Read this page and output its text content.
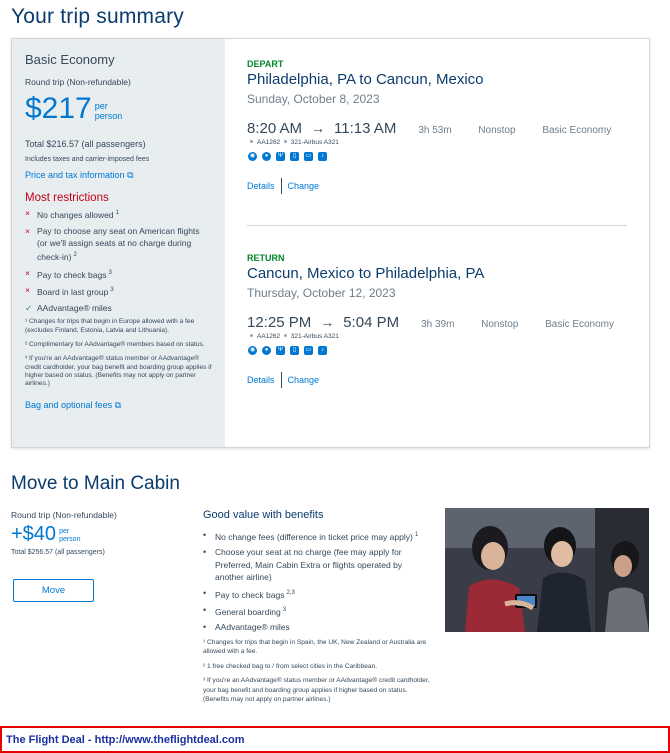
Your trip summary
Basic Economy
Round trip (Non-refundable)
$217 per
person
Total $216.57 (all passengers)
Includes taxes and carrier-imposed fees
Price and tax information ⧉
Most restrictions
× No changes allowed $^1$
× Pay to choose any seat on American flights (or we'll assign seats at no charge during check-in) $^2$
× Pay to check bags $^3$
× Board in last group $^3$
✓ AAdvantage® miles
¹ Changes for trips that begin in Europe allowed with a fee (excludes Finland, Estonia, Latvia and Lithuania).
² Complimentary for AAdvantage® members based on status.
³ If you're an AAdvantage® status member or AAdvantage® credit cardholder, your bag benefit and boarding group applies if higher based on status. (Benefits may not apply on partner airlines.)
Bag and optional fees ⧉
DEPART
Philadelphia, PA to Cancun, Mexico
Sunday, October 8, 2023
8:20 AM → 11:13 AM 3h 53m	Nonstop	Basic Economy
AA1262 321-Airbus A321
◉	●	Ψ	▯	▭	♪
Details Change
RETURN
Cancun, Mexico to Philadelphia, PA
Thursday, October 12, 2023
12:25 PM → 5:04 PM 3h 39m	Nonstop	Basic Economy
AA1262 321-Airbus A321
◉	●	Ψ	▯	▭	♪
Details Change
Move to Main Cabin
Round trip (Non-refundable)
+$40 per
person
Total $256.57 (all passengers)
Move
Good value with benefits
•	No change fees (difference in ticket price may apply) $^1$
•	Choose your seat at no charge (fee may apply for Preferred, Main Cabin Extra or flights operated by another airline)
•	Pay to check bags $^{2,3}$
•	General boarding $^3$
•	AAdvantage® miles
¹ Changes for trips that begin in Spain, the UK, New Zealand or Australia are allowed with a fee.
² 1 free checked bag to / from select cities in the Caribbean.
³ If you're an AAdvantage® status member or AAdvantage® credit cardholder, your bag benefit and boarding group applies if higher based on status. (Benefits may not apply on partner airlines.)
The Flight Deal - http://www.theflightdeal.com
